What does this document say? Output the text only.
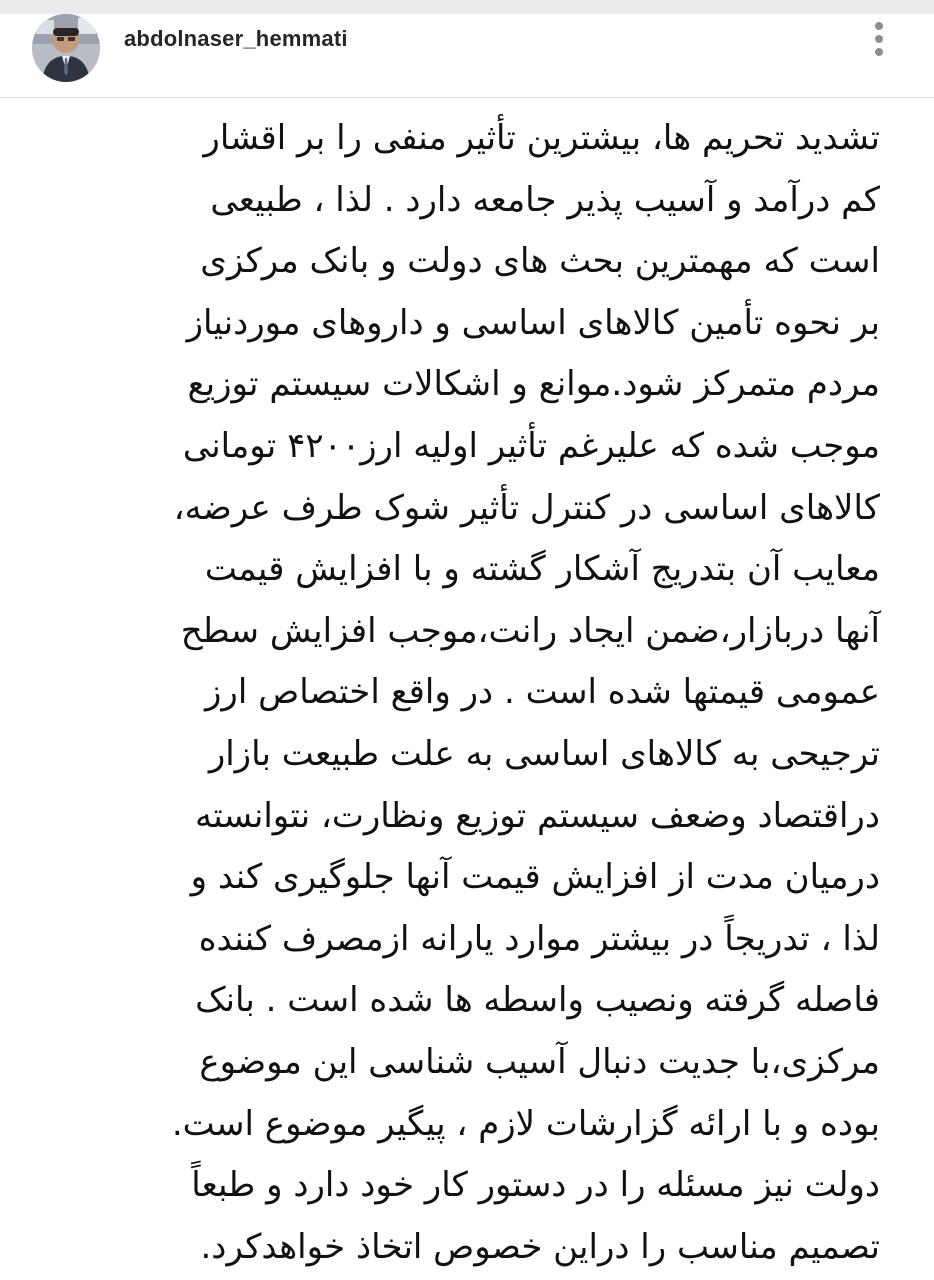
abdolnaser_hemmati
تشدید تحریم ها، بیشترین تأثیر منفی را بر اقشار
کم درآمد و آسیب پذیر جامعه دارد . لذا ، طبیعی
است که مهمترین بحث های دولت و بانک مرکزی
بر نحوه تأمین کالاهای اساسی و داروهای موردنیاز
مردم متمرکز شود.موانع و اشکالات سیستم توزیع
موجب شده که علیرغم تأثیر اولیه ارز۴۲۰۰ تومانی
کالاهای اساسی در کنترل تأثیر شوک طرف عرضه،
معایب آن بتدریج آشکار گشته و با افزایش قیمت
آنها دربازار،ضمن ایجاد رانت،موجب افزایش سطح
عمومی قیمتها شده است . در واقع اختصاص ارز
ترجیحی به کالاهای اساسی به علت طبیعت بازار
دراقتصاد وضعف سیستم توزیع ونظارت، نتوانسته
درمیان مدت از افزایش قیمت آنها جلوگیری کند و
لذا ، تدریجاً در بیشتر موارد یارانه ازمصرف کننده
فاصله گرفته ونصیب واسطه ها شده است . بانک
مرکزی،با جدیت دنبال آسیب شناسی این موضوع
بوده و با ارائه گزارشات لازم ، پیگیر موضوع است.
دولت نیز مسئله را در دستور کار خود دارد و طبعاً
تصمیم مناسب را دراین خصوص اتخاذ خواهدکرد.
